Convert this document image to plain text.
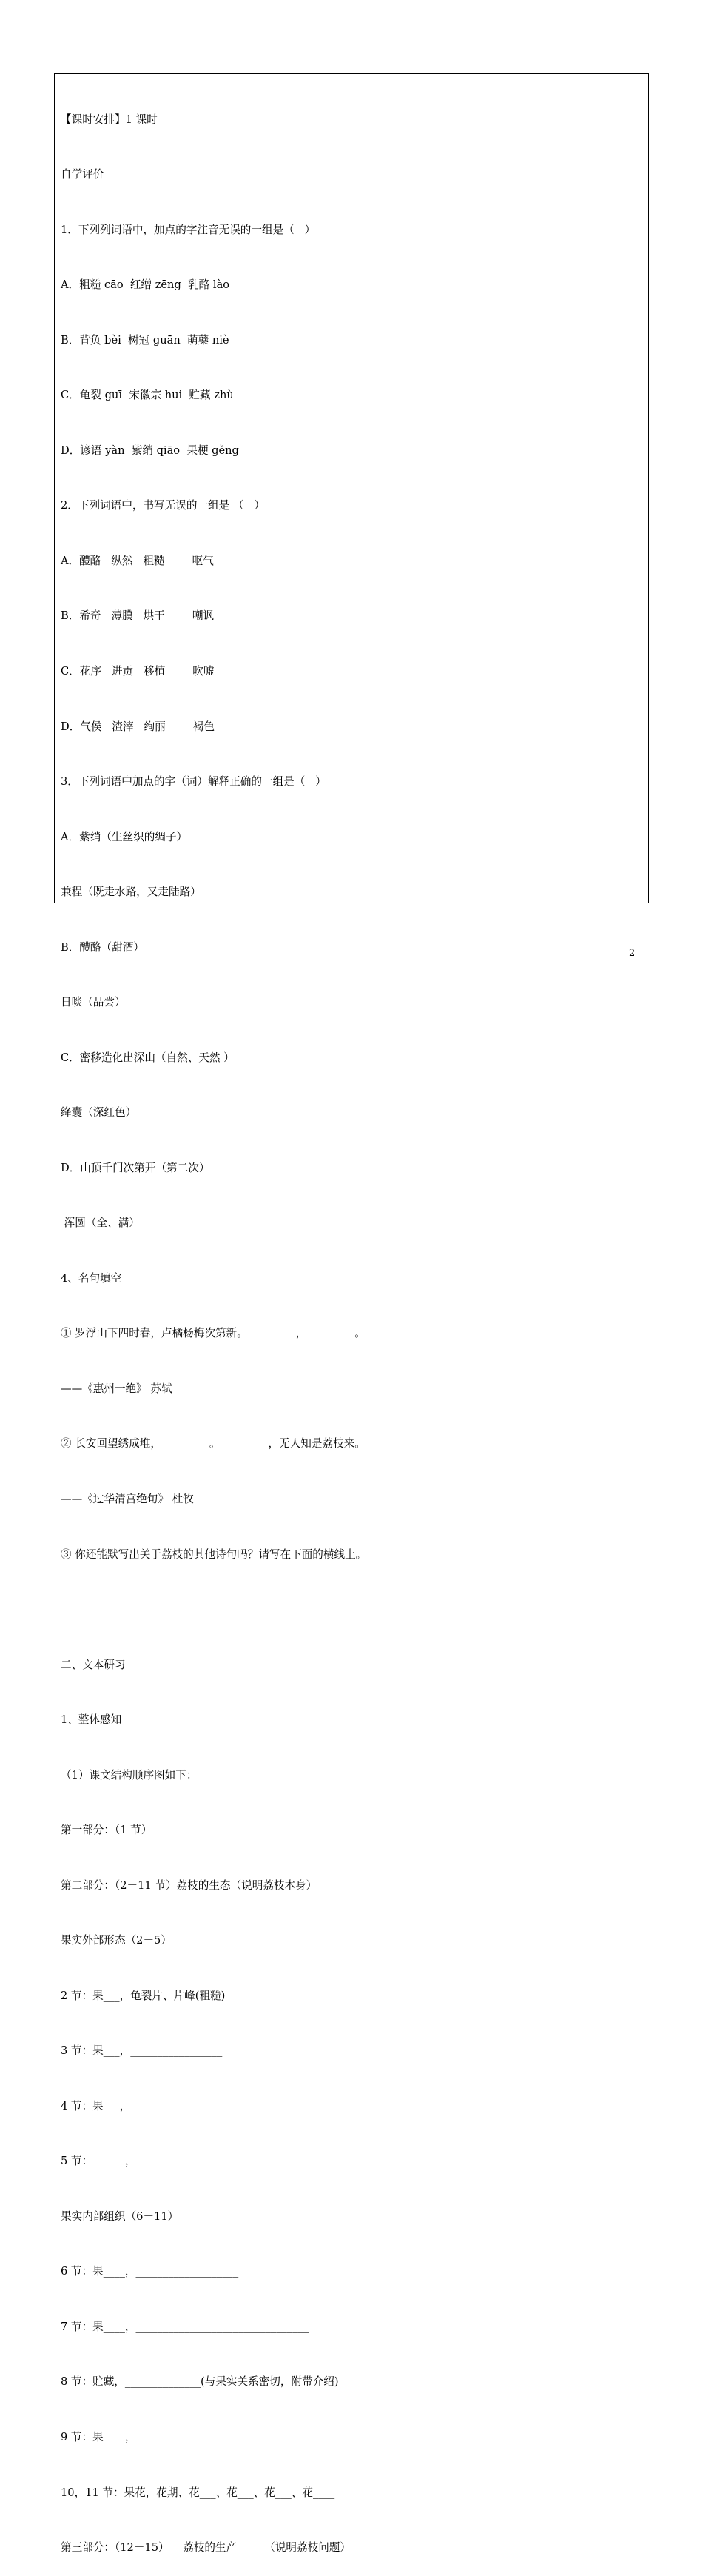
【课时安排】1 课时

自学评价

1．下列列词语中，加点的字注音无误的一组是（   ）

A．粗糙 cāo  红缯 zēng  乳酪 lào

B．背负 bèi  树冠 guān  萌蘖 niè

C．龟裂 guī  宋徽宗 hui  贮藏 zhù

D．谚语 yàn  紫绡 qiāo  果梗 gěng

2．下列词语中，书写无误的一组是 （   ）

A．醴酪   纵然   粗糙        呕气

B．希奇   薄膜   烘干        嘲讽

C．花序   进贡   移植        吹嘘

D．气侯   渣滓   绚丽        褐色

3．下列词语中加点的字（词）解释正确的一组是（   ）

A．紫绡（生丝织的绸子）

兼程（既走水路，又走陆路）

B．醴酪（甜酒）

日啖（品尝）

C．密移造化出深山（自然、天然 ）

绛囊（深红色）

D．山顶千门次第开（第二次）

浑圆（全、满）

4、名句填空

① 罗浮山下四时春，卢橘杨梅次第新。              ，              。

——《惠州一绝》 苏轼

② 长安回望绣成堆，              。              ，无人知是荔枝来。

——《过华清宫绝句》 杜牧

③ 你还能默写出关于荔枝的其他诗句吗？请写在下面的横线上。

二、文本研习

1、整体感知

（1）课文结构顺序图如下：

第一部分：（1 节）

第二部分：（2－11 节）荔枝的生态（说明荔枝本身）

果实外部形态（2－5）

2 节：果___，龟裂片、片峰(粗糙)

3 节：果___，_________________

4 节：果___，___________________

5 节：______，__________________________

果实内部组织（6－11）

6 节：果____，___________________

7 节：果____，________________________________

8 节：贮藏，______________(与果实关系密切，附带介绍)

9 节：果____，________________________________

10，11 节：果花，花期、花___、花___、花___、花____

第三部分：（12－15）    荔枝的生产        （说明荔枝问题）

2
